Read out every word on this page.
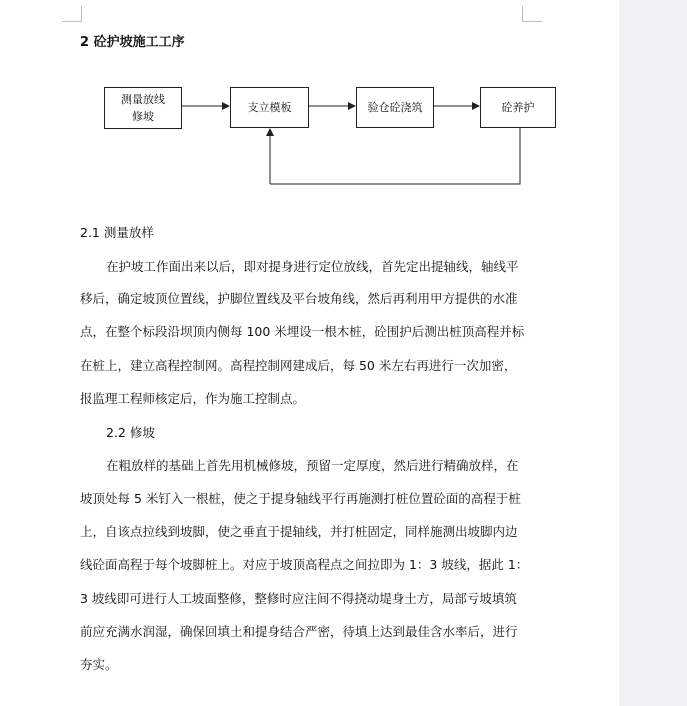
2 砼护坡施工工序
测量放线
修坡
支立模板	验仓砼浇筑	砼养护
2.1 测量放样
在护坡工作面出来以后，即对提身进行定位放线，首先定出提轴线，轴线平
移后，确定坡顶位置线，护脚位置线及平台坡角线，然后再利用甲方提供的水准
点，在整个标段沿坝顶内侧每 100 米埋设一根木桩，砼围护后测出桩顶高程并标
在桩上，建立高程控制网。高程控制网建成后，每 50 米左右再进行一次加密，
报监理工程师核定后，作为施工控制点。
2.2 修坡
在粗放样的基础上首先用机械修坡，预留一定厚度，然后进行精确放样，在
坡顶处每 5 米钉入一根桩，使之于提身轴线平行再施测打桩位置砼面的高程于桩
上，自该点拉线到坡脚，使之垂直于提轴线，并打桩固定，同样施测出坡脚内边
线砼面高程于每个坡脚桩上。对应于坡顶高程点之间拉即为 1：3 坡线，据此 1：
3 坡线即可进行人工坡面整修，整修时应注间不得挠动堤身土方，局部亏坡填筑
前应充满水润湿，确保回填土和提身结合严密，待填上达到最佳含水率后，进行
夯实。
